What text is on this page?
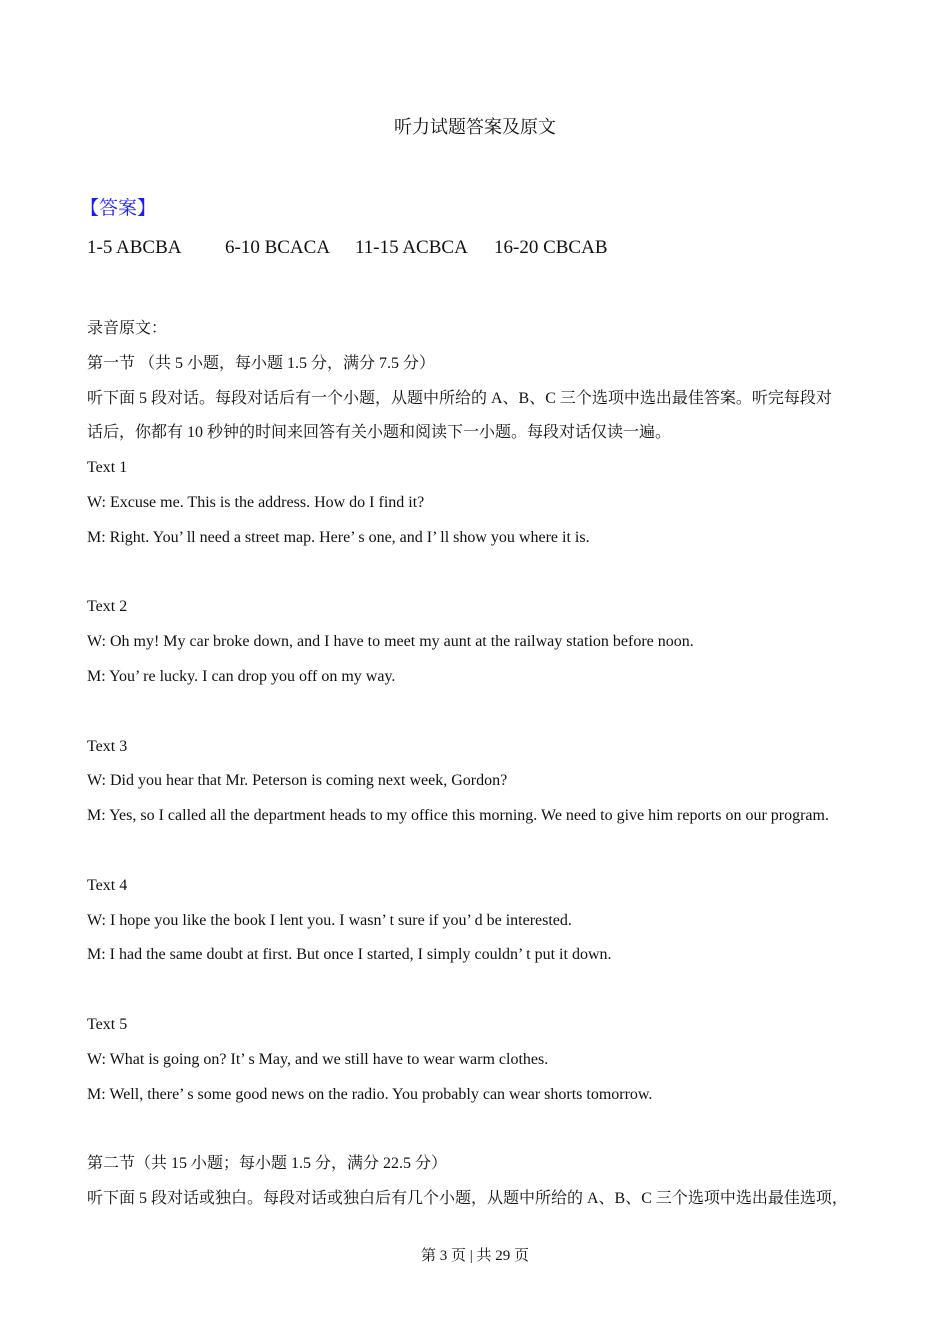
听力试题答案及原文
【答案】
1-5 ABCBA 6-10 BCACA 11-15 ACBCA 16-20 CBCAB
录音原文：
第一节 （共 5 小题，每小题 1.5 分，满分 7.5 分）
听下面 5 段对话。每段对话后有一个小题，从题中所给的 A、B、C 三个选项中选出最佳答案。听完每段对
话后，你都有 10 秒钟的时间来回答有关小题和阅读下一小题。每段对话仅读一遍。
Text 1
W: Excuse me. This is the address. How do I find it?
M: Right. You’ ll need a street map. Here’ s one, and I’ ll show you where it is.
Text 2
W: Oh my! My car broke down, and I have to meet my aunt at the railway station before noon.
M: You’ re lucky. I can drop you off on my way.
Text 3
W: Did you hear that Mr. Peterson is coming next week, Gordon?
M: Yes, so I called all the department heads to my office this morning. We need to give him reports on our program.
Text 4
W: I hope you like the book I lent you. I wasn’ t sure if you’ d be interested.
M: I had the same doubt at first. But once I started, I simply couldn’ t put it down.
Text 5
W: What is going on? It’ s May, and we still have to wear warm clothes.
M: Well, there’ s some good news on the radio. You probably can wear shorts tomorrow.
第二节（共 15 小题；每小题 1.5 分，满分 22.5 分）
听下面 5 段对话或独白。每段对话或独白后有几个小题，从题中所给的 A、B、C 三个选项中选出最佳选项，
第 3 页 | 共 29 页
